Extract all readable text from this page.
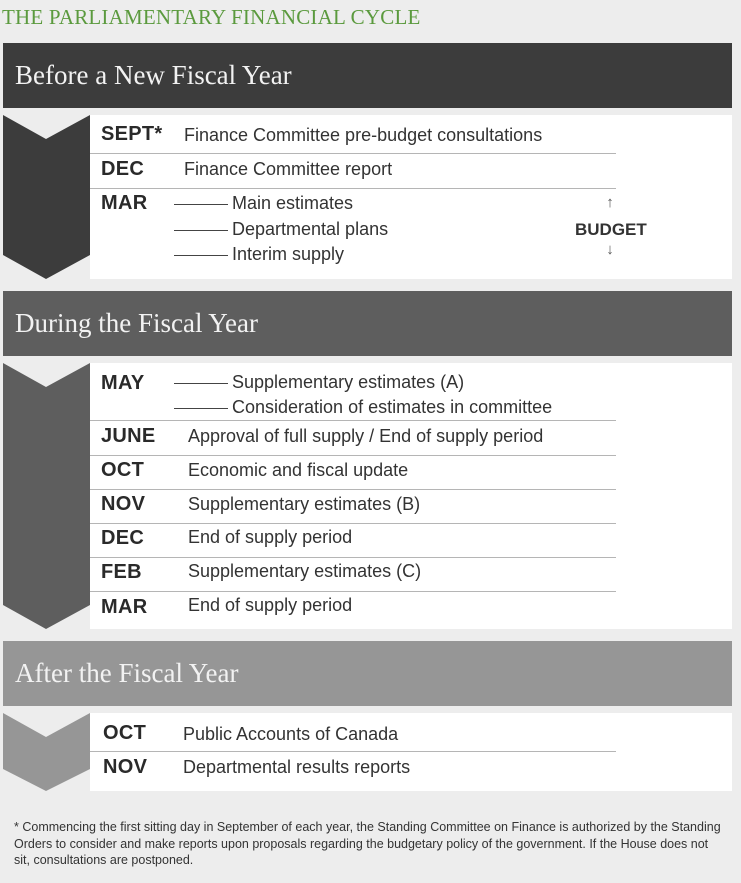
THE PARLIAMENTARY FINANCIAL CYCLE
Before a New Fiscal Year
SEPT* Finance Committee pre-budget consultations
DEC Finance Committee report
MAR	Main estimates
Departmental plans
Interim supply
↑
BUDGET
↓
During the Fiscal Year
MAY	Supplementary estimates (A)
Consideration of estimates in committee
JUNE Approval of full supply / End of supply period
OCT Economic and fiscal update
NOV Supplementary estimates (B)
DEC End of supply period
FEB	Supplementary estimates (C)
MAR End of supply period
After the Fiscal Year
OCT Public Accounts of Canada
NOV Departmental results reports
* Commencing the first sitting day in September of each year, the Standing Committee on Finance is authorized by the Standing Orders to consider and make reports upon proposals regarding the budgetary policy of the government. If the House does not sit, consultations are postponed.
